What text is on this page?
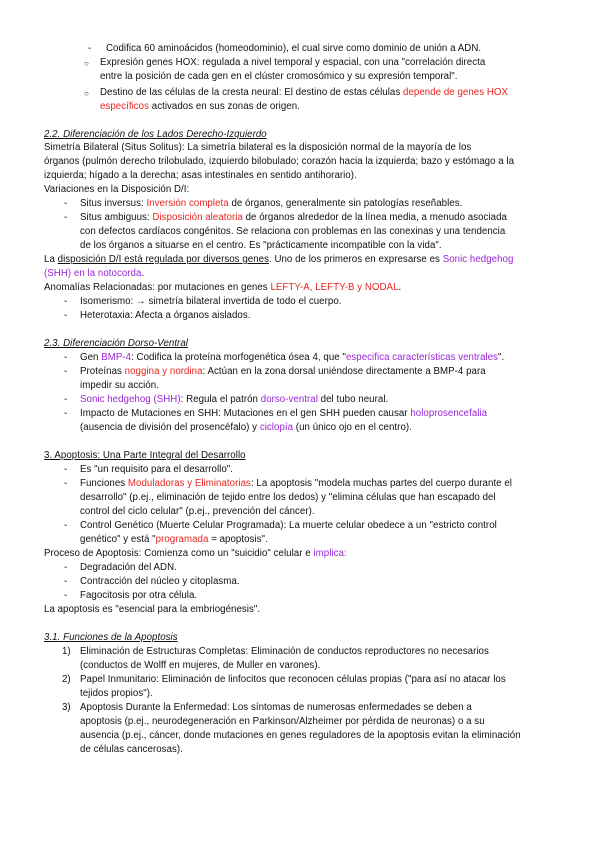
- Codifica 60 aminoácidos (homeodominio), el cual sirve como dominio de unión a ADN.
○ Expresión genes HOX: regulada a nivel temporal y espacial, con una "correlación directa
entre la posición de cada gen en el clúster cromosómico y su expresión temporal".
○ Destino de las células de la cresta neural: El destino de estas células depende de genes HOX
específicos activados en sus zonas de origen.
2.2. Diferenciación de los Lados Derecho-Izquierdo
Simetría Bilateral (Situs Solitus): La simetría bilateral es la disposición normal de la mayoría de los
órganos (pulmón derecho trilobulado, izquierdo bilobulado; corazón hacia la izquierda; bazo y estómago a la
izquierda; hígado a la derecha; asas intestinales en sentido antihorario).
Variaciones en la Disposición D/I:
- Situs inversus: Inversión completa de órganos, generalmente sin patologías reseñables.
- Situs ambiguus: Disposición aleatoria de órganos alrededor de la línea media, a menudo asociada
con defectos cardíacos congénitos. Se relaciona con problemas en las conexinas y una tendencia
de los órganos a situarse en el centro. Es "prácticamente incompatible con la vida".
La disposición D/I está regulada por diversos genes. Uno de los primeros en expresarse es Sonic hedgehog
(SHH) en la notocorda.
Anomalías Relacionadas: por mutaciones en genes LEFTY-A, LEFTY-B y NODAL.
- Isomerismo: → simetría bilateral invertida de todo el cuerpo.
- Heterotaxia: Afecta a órganos aislados.
2.3. Diferenciación Dorso-Ventral
- Gen BMP-4: Codifica la proteína morfogenética ósea 4, que "especifica características ventrales".
- Proteínas noggina y nordina: Actúan en la zona dorsal uniéndose directamente a BMP-4 para
impedir su acción.
- Sonic hedgehog (SHH): Regula el patrón dorso-ventral del tubo neural.
- Impacto de Mutaciones en SHH: Mutaciones en el gen SHH pueden causar holoprosencefalia
(ausencia de división del prosencéfalo) y ciclopía (un único ojo en el centro).
3. Apoptosis: Una Parte Integral del Desarrollo
- Es "un requisito para el desarrollo".
- Funciones Moduladoras y Eliminatorias: La apoptosis "modela muchas partes del cuerpo durante el
desarrollo" (p.ej., eliminación de tejido entre los dedos) y "elimina células que han escapado del
control del ciclo celular" (p.ej., prevención del cáncer).
- Control Genético (Muerte Celular Programada): La muerte celular obedece a un "estricto control
genético" y está "programada = apoptosis".
Proceso de Apoptosis: Comienza como un "suicidio" celular e implica:
- Degradación del ADN.
- Contracción del núcleo y citoplasma.
- Fagocitosis por otra célula.
La apoptosis es "esencial para la embriogénesis".
3.1. Funciones de la Apoptosis
1) Eliminación de Estructuras Completas: Eliminación de conductos reproductores no necesarios
(conductos de Wolff en mujeres, de Muller en varones).
2) Papel Inmunitario: Eliminación de linfocitos que reconocen células propias ("para así no atacar los
tejidos propios").
3) Apoptosis Durante la Enfermedad: Los síntomas de numerosas enfermedades se deben a
apoptosis (p.ej., neurodegeneración en Parkinson/Alzheimer por pérdida de neuronas) o a su
ausencia (p.ej., cáncer, donde mutaciones en genes reguladores de la apoptosis evitan la eliminación
de células cancerosas).
